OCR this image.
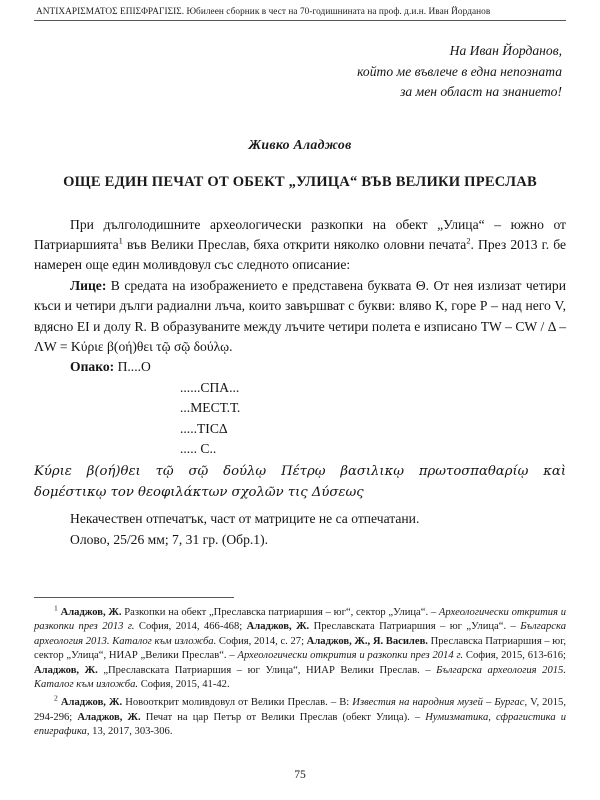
ΑΝΤΙΧΑΡΙΣΜΑΤΟΣ ΕΠΙΣΦΡΑΓΙΣΙΣ. Юбилеен сборник в чест на 70-годишнината на проф. д.и.н. Иван Йорданов
На Иван Йорданов,
който ме въвлече в една непозната
за мен област на знанието!
Живко Аладжов
ОЩЕ ЕДИН ПЕЧАТ ОТ ОБЕКТ „УЛИЦА“ ВЪВ ВЕЛИКИ ПРЕСЛАВ

При дълголодишните археологически разкопки на обект „Улица“ – южно от Патриаршията$^1$ във Велики Преслав, бяха открити няколко оловни печата$^2$. През 2013 г. бе намерен още един моливдовул със следното описание:

Лице: В средата на изображението е представена буквата Θ. От нея излизат четири къси и четири дълги радиални лъча, които завършват с букви: вляво К, горе Р – над него V, вдясно ЕІ и долу R. В образуваните между лъчите четири полета е изписано TW – CW / Δ – ΛW = Κύριε β(οή)θει τῷ σῷ δούλῳ.

Опако: П....О

......СПА...
...МЕСТ.Т.
.....ТІСΔ
..... С..
Κύριε β(οή)θει τῷ σῷ δούλῳ Πέτρῳ βασιλικῳ πρωτοσπαθαρίῳ καὶ
δομέστικῳ τον θεοφιλάκτων σχολῶν τις Δύσεως
Некачествен отпечатък, част от матриците не са отпечатани.
Олово, 25/26 мм; 7, 31 гр. (Обр.1).

$^1$ Аладжов, Ж. Разкопки на обект „Преславска патриаршия – юг“, сектор „Улица“. – Археологически открития и разкопки през 2013 г. София, 2014, 466-468; Аладжов, Ж. Преславската Патриаршия – юг „Улица“. – Българска археология 2013. Каталог към изложба. София, 2014, с. 27; Аладжов, Ж., Я. Василев. Преславска Патриаршия – юг, сектор „Улица“, НИАР „Велики Преслав“. – Археологически открития и разкопки през 2014 г. София, 2015, 613-616; Аладжов, Ж. „Преславската Патриаршия – юг Улица“, НИАР Велики Преслав. – Българска археология 2015. Каталог към изложба. София, 2015, 41-42.

$^2$ Аладжов, Ж. Новооткрит моливдовул от Велики Преслав. – В: Известия на народния музей – Бургас, V, 2015, 294-296; Аладжов, Ж. Печат на цар Петър от Велики Преслав (обект Улица). – Нумизматика, сфрагистика и епиграфика, 13, 2017, 303-306.

75
